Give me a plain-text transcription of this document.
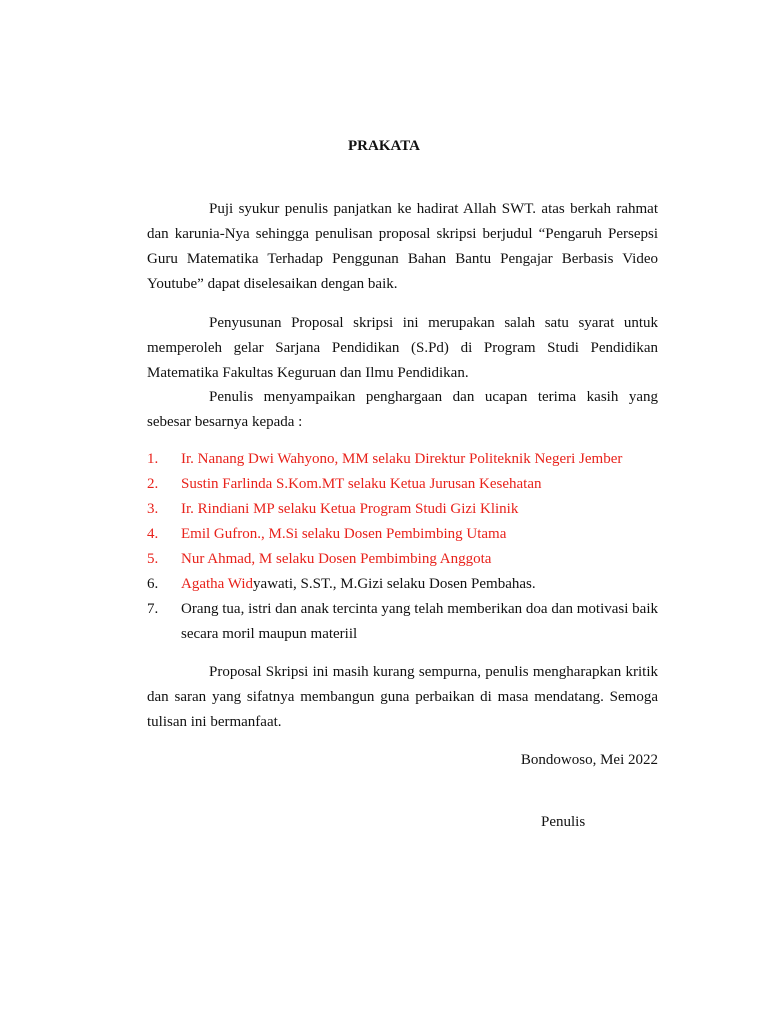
PRAKATA

Puji syukur penulis panjatkan ke hadirat Allah SWT. atas berkah rahmat dan karunia-Nya sehingga penulisan proposal skripsi berjudul “Pengaruh Persepsi Guru Matematika Terhadap Penggunan Bahan Bantu Pengajar Berbasis Video Youtube” dapat diselesaikan dengan baik.

Penyusunan Proposal skripsi ini merupakan salah satu syarat untuk memperoleh gelar Sarjana Pendidikan (S.Pd) di Program Studi Pendidikan Matematika Fakultas Keguruan dan Ilmu Pendidikan.

Penulis menyampaikan penghargaan dan ucapan terima kasih yang sebesar besarnya kepada :

1. Ir. Nanang Dwi Wahyono, MM selaku Direktur Politeknik Negeri Jember
2. Sustin Farlinda S.Kom.MT selaku Ketua Jurusan Kesehatan
3. Ir. Rindiani MP selaku Ketua Program Studi Gizi Klinik
4. Emil Gufron., M.Si selaku Dosen Pembimbing Utama
5. Nur Ahmad, M selaku Dosen Pembimbing Anggota
6. Agatha Widyawati, S.ST., M.Gizi selaku Dosen Pembahas.
7. Orang tua, istri dan anak tercinta yang telah memberikan doa dan motivasi baik secara moril maupun materiil

Proposal Skripsi ini masih kurang sempurna, penulis mengharapkan kritik dan saran yang sifatnya membangun guna perbaikan di masa mendatang. Semoga tulisan ini bermanfaat.

Bondowoso, Mei 2022
Penulis
